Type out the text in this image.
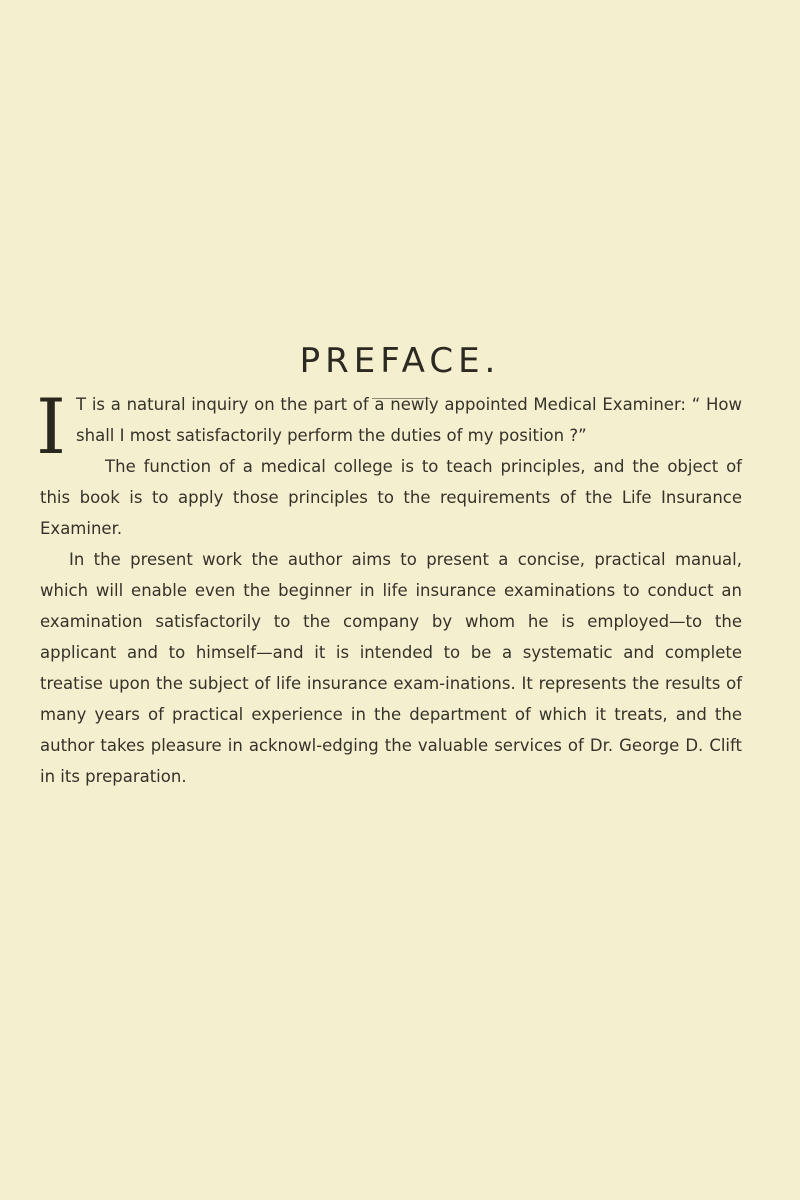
PREFACE.

I T is a natural inquiry on the part of a newly appointed Medical Examiner: “ How shall I most satisfactorily perform the duties of my position ?”

The function of a medical college is to teach principles, and the object of this book is to apply those principles to the requirements of the Life Insurance Examiner.

In the present work the author aims to present a concise, practical manual, which will enable even the beginner in life insurance examinations to conduct an examination satisfactorily to the company by whom he is employed—to the applicant and to himself—and it is intended to be a systematic and complete treatise upon the subject of life insurance exam-inations. It represents the results of many years of practical experience in the department of which it treats, and the author takes pleasure in acknowl-edging the valuable services of Dr. George D. Clift in its preparation.
